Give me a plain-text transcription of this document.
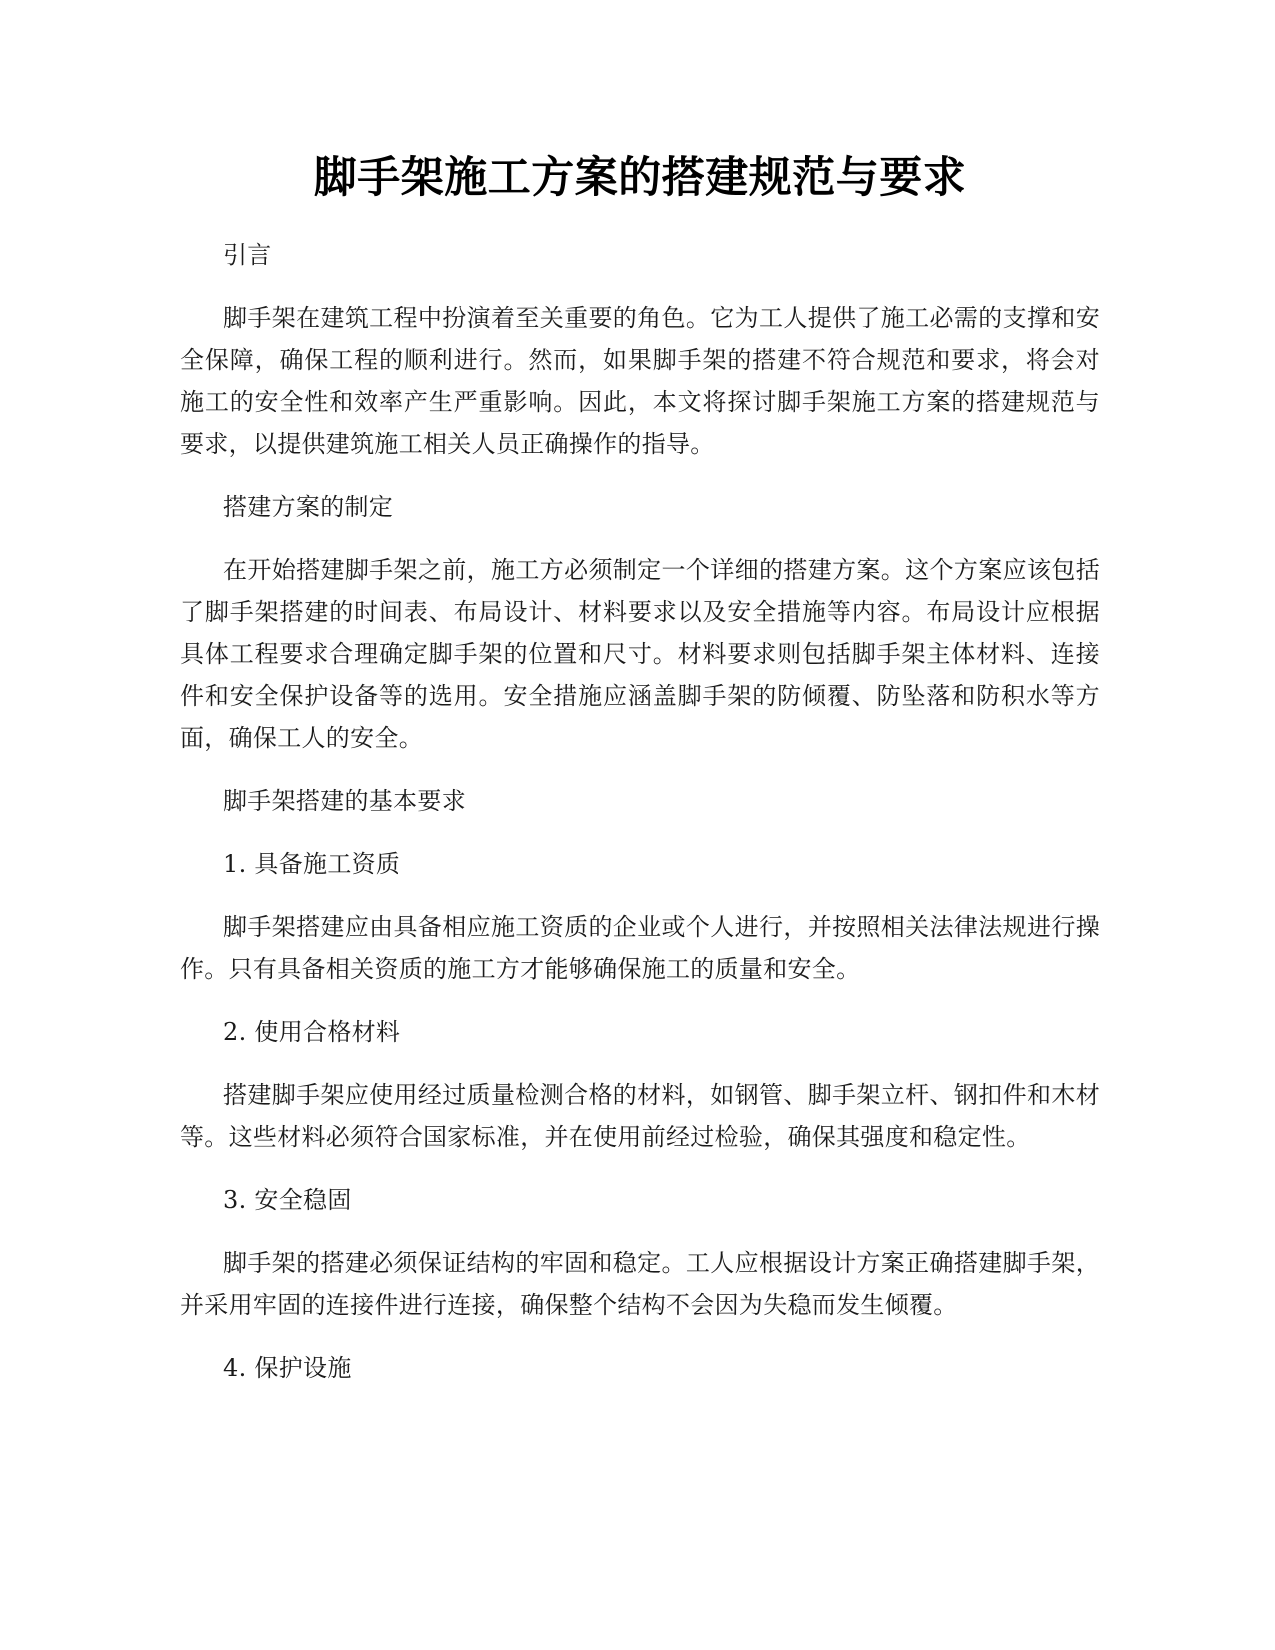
脚手架施工方案的搭建规范与要求

引言

脚手架在建筑工程中扮演着至关重要的角色。它为工人提供了施工必需的支撑和安全保障，确保工程的顺利进行。然而，如果脚手架的搭建不符合规范和要求，将会对施工的安全性和效率产生严重影响。因此，本文将探讨脚手架施工方案的搭建规范与要求，以提供建筑施工相关人员正确操作的指导。

搭建方案的制定

在开始搭建脚手架之前，施工方必须制定一个详细的搭建方案。这个方案应该包括了脚手架搭建的时间表、布局设计、材料要求以及安全措施等内容。布局设计应根据具体工程要求合理确定脚手架的位置和尺寸。材料要求则包括脚手架主体材料、连接件和安全保护设备等的选用。安全措施应涵盖脚手架的防倾覆、防坠落和防积水等方面，确保工人的安全。

脚手架搭建的基本要求

1. 具备施工资质

脚手架搭建应由具备相应施工资质的企业或个人进行，并按照相关法律法规进行操作。只有具备相关资质的施工方才能够确保施工的质量和安全。

2. 使用合格材料

搭建脚手架应使用经过质量检测合格的材料，如钢管、脚手架立杆、钢扣件和木材等。这些材料必须符合国家标准，并在使用前经过检验，确保其强度和稳定性。

3. 安全稳固

脚手架的搭建必须保证结构的牢固和稳定。工人应根据设计方案正确搭建脚手架，并采用牢固的连接件进行连接，确保整个结构不会因为失稳而发生倾覆。

4. 保护设施
